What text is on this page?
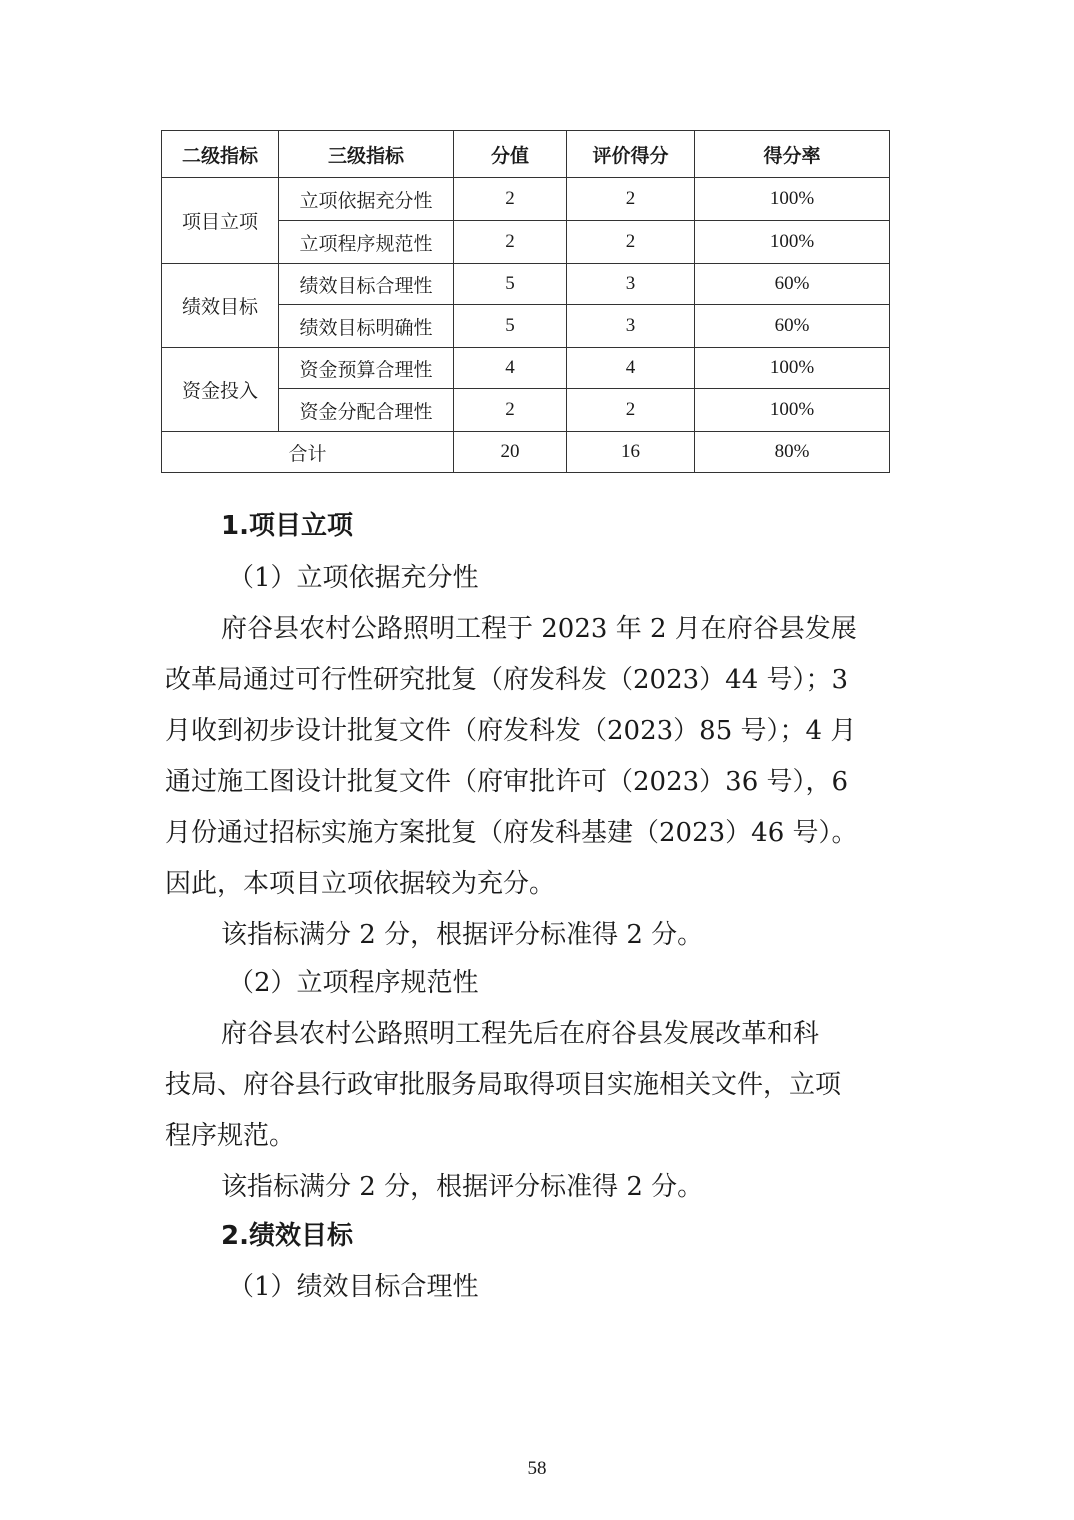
二级指标	三级指标	分值	评价得分	得分率
项目立项	立项依据充分性	2	2	100%
	立项程序规范性	2	2	100%
绩效目标	绩效目标合理性	5	3	60%
	绩效目标明确性	5	3	60%
资金投入	资金预算合理性	4	4	100%
	资金分配合理性	2	2	100%
合计		20	16	80%
1.项目立项
（1）立项依据充分性
府谷县农村公路照明工程于 2023 年 2 月在府谷县发展
改革局通过可行性研究批复（府发科发（2023）44 号）；3
月收到初步设计批复文件（府发科发（2023）85 号）；4 月
通过施工图设计批复文件（府审批许可（2023）36 号），6
月份通过招标实施方案批复（府发科基建（2023）46 号）。
因此，本项目立项依据较为充分。
该指标满分 2 分，根据评分标准得 2 分。
（2）立项程序规范性
府谷县农村公路照明工程先后在府谷县发展改革和科
技局、府谷县行政审批服务局取得项目实施相关文件，立项
程序规范。
该指标满分 2 分，根据评分标准得 2 分。
2.绩效目标
（1）绩效目标合理性
58
